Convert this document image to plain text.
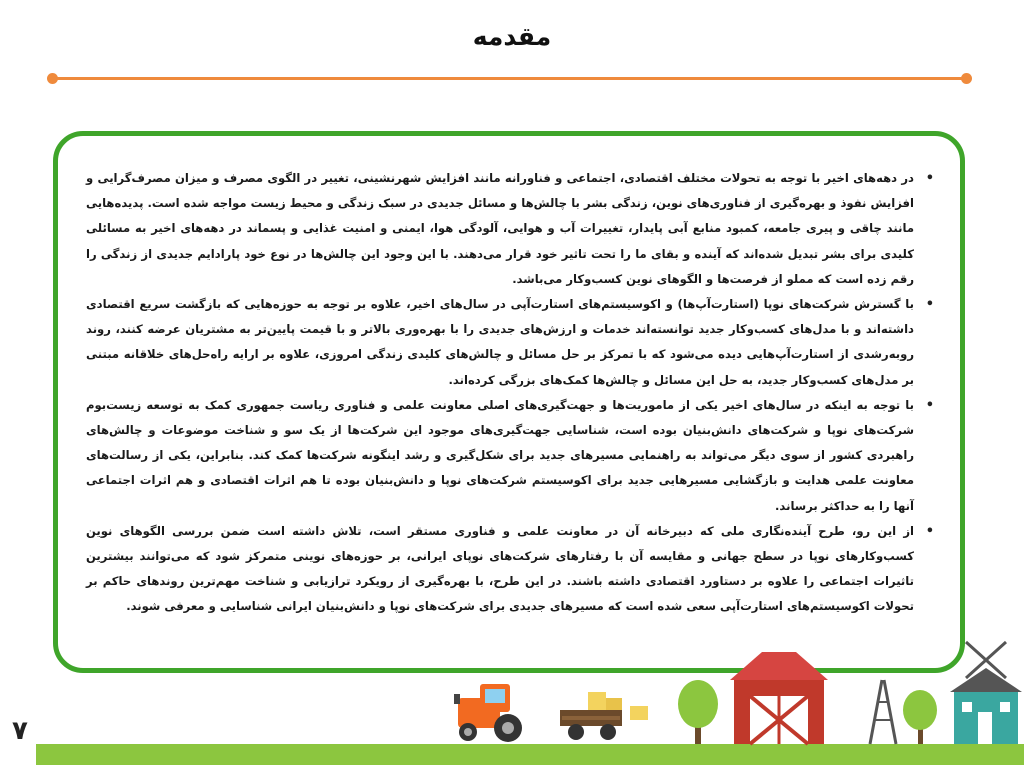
مقدمه
• در دهه‌های اخیر با توجه به تحولات مختلف اقتصادی، اجتماعی و فناورانه مانند افزایش شهرنشینی، تغییر در الگوی مصرف و میزان مصرف‌گرایی و افزایش نفوذ و بهره‌گیری از فناوری‌های نوین، زندگی بشر با چالش‌ها و مسائل جدیدی در سبک زندگی و محیط زیست مواجه شده است. پدیده‌هایی مانند چاقی و پیری جامعه، کمبود منابع آبی پایدار، تغییرات آب و هوایی، آلودگی هوا، ایمنی و امنیت غذایی و پسماند در دهه‌های اخیر به مسائلی کلیدی برای بشر تبدیل شده‌اند که آینده و بقای ما را تحت تاثیر خود قرار می‌دهند. با این وجود این چالش‌ها در نوع خود پارادایم جدیدی از زندگی را رقم زده است که مملو از فرصت‌ها و الگوهای نوین کسب‌وکار می‌باشد.
• با گسترش شرکت‌های نوپا (استارت‌آپ‌ها) و اکوسیستم‌های استارت‌آپی در سال‌های اخیر، علاوه بر توجه به حوزه‌هایی که بازگشت سریع اقتصادی داشته‌اند و با مدل‌های کسب‌وکار جدید توانسته‌اند خدمات و ارزش‌های جدیدی را با بهره‌وری بالاتر و با قیمت پایین‌تر به مشتریان عرضه کنند، روند روبه‌رشدی از استارت‌آپ‌هایی دیده می‌شود که با تمرکز بر حل مسائل و چالش‌های کلیدی زندگی امروزی، علاوه بر ارایه راه‌حل‌های خلاقانه مبتنی بر مدل‌های کسب‌وکار جدید، به حل این مسائل و چالش‌ها کمک‌های بزرگی کرده‌اند.
• با توجه به اینکه در سال‌های اخیر یکی از ماموریت‌ها و جهت‌گیری‌های اصلی معاونت علمی و فناوری ریاست جمهوری کمک به توسعه زیست‌بوم شرکت‌های نوپا و شرکت‌های دانش‌بنیان بوده است، شناسایی جهت‌گیری‌های موجود این شرکت‌ها از یک سو و شناخت موضوعات و چالش‌های راهبردی کشور از سوی دیگر می‌تواند به راهنمایی مسیرهای جدید برای شکل‌گیری و رشد اینگونه شرکت‌ها کمک کند. بنابراین، یکی از رسالت‌های معاونت علمی هدایت و بازگشایی مسیرهایی جدید برای اکوسیستم شرکت‌های نوپا و دانش‌بنیان بوده تا هم اثرات اقتصادی و هم اثرات اجتماعی آنها را به حداکثر برساند.
• از این رو، طرح آینده‌نگاری ملی که دبیرخانه آن در معاونت علمی و فناوری مستقر است، تلاش داشته است ضمن بررسی الگوهای نوین کسب‌وکارهای نوپا در سطح جهانی و مقایسه آن با رفتارهای شرکت‌های نوپای ایرانی، بر حوزه‌های نوینی متمرکز شود که می‌توانند بیشترین تاثیرات اجتماعی را علاوه بر دستاورد اقتصادی داشته باشند. در این طرح، با بهره‌گیری از رویکرد ترازیابی و شناخت مهم‌ترین روندهای حاکم بر تحولات اکوسیستم‌های استارت‌آپی سعی شده است که مسیرهای جدیدی برای شرکت‌های نوپا و دانش‌بنیان ایرانی شناسایی و معرفی شوند.
۷
